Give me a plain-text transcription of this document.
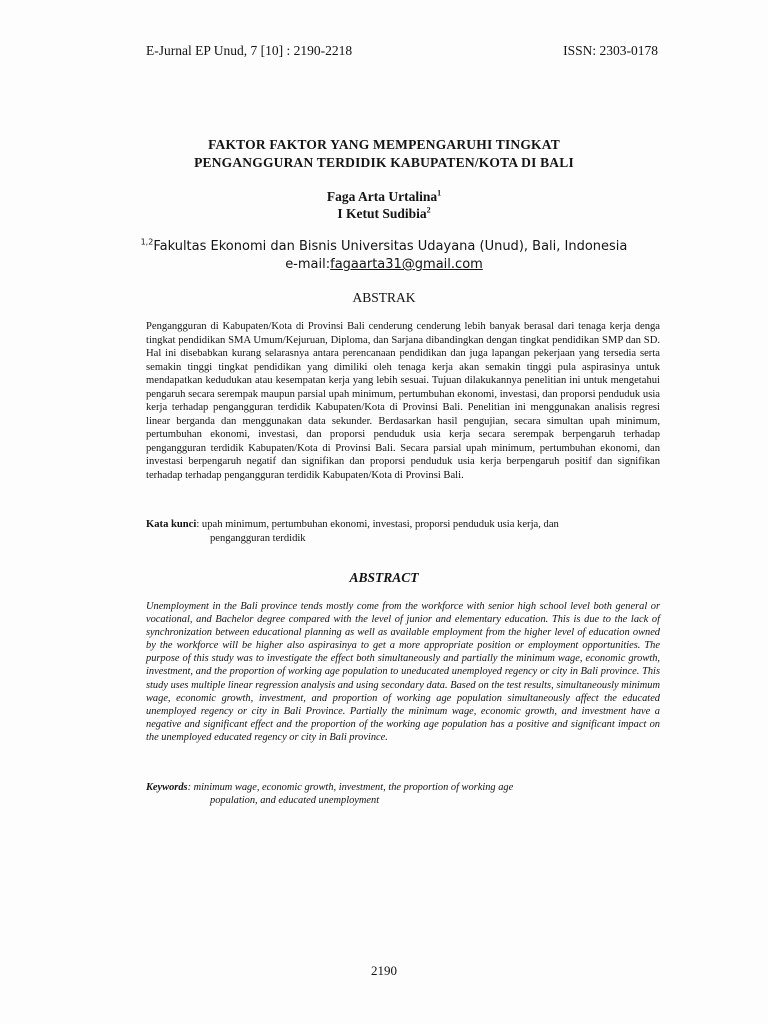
E-Jurnal EP Unud, 7 [10] : 2190-2218	ISSN: 2303-0178
FAKTOR FAKTOR YANG MEMPENGARUHI TINGKAT
PENGANGGURAN TERDIDIK KABUPATEN/KOTA DI BALI
Faga Arta Urtalina$^1$
I Ketut Sudibia$^2$
$^{1,2}$Fakultas Ekonomi dan Bisnis Universitas Udayana (Unud), Bali, Indonesia
e-mail:fagaarta31@gmail.com
ABSTRAK
Pengangguran di Kabupaten/Kota di Provinsi Bali cenderung cenderung lebih banyak berasal dari tenaga kerja denga tingkat pendidikan SMA Umum/Kejuruan, Diploma, dan Sarjana dibandingkan dengan tingkat pendidikan SMP dan SD. Hal ini disebabkan kurang selarasnya antara perencanaan pendidikan dan juga lapangan pekerjaan yang tersedia serta semakin tinggi tingkat pendidikan yang dimiliki oleh tenaga kerja akan semakin tinggi pula aspirasinya untuk mendapatkan kedudukan atau kesempatan kerja yang lebih sesuai. Tujuan dilakukannya penelitian ini untuk mengetahui pengaruh secara serempak maupun parsial upah minimum, pertumbuhan ekonomi, investasi, dan proporsi penduduk usia kerja terhadap pengangguran terdidik Kabupaten/Kota di Provinsi Bali. Penelitian ini menggunakan analisis regresi linear berganda dan menggunakan data sekunder. Berdasarkan hasil pengujian, secara simultan upah minimum, pertumbuhan ekonomi, investasi, dan proporsi penduduk usia kerja secara serempak berpengaruh terhadap pengangguran terdidik Kabupaten/Kota di Provinsi Bali. Secara parsial upah minimum, pertumbuhan ekonomi, dan investasi berpengaruh negatif dan signifikan dan proporsi penduduk usia kerja berpengaruh positif dan signifikan terhadap terhadap pengangguran terdidik Kabupaten/Kota di Provinsi Bali.
Kata kunci: upah minimum, pertumbuhan ekonomi, investasi, proporsi penduduk usia kerja, dan
pengangguran terdidik
ABSTRACT
Unemployment in the Bali province tends mostly come from the workforce with senior high school level both general or vocational, and Bachelor degree compared with the level of junior and elementary education. This is due to the lack of synchronization between educational planning as well as available employment from the higher level of education owned by the workforce will be higher also aspirasinya to get a more appropriate position or employment opportunities. The purpose of this study was to investigate the effect both simultaneously and partially the minimum wage, economic growth, investment, and the proportion of working age population to uneducated unemployed regency or city in Bali province. This study uses multiple linear regression analysis and using secondary data. Based on the test results, simultaneously minimum wage, economic growth, investment, and proportion of working age population simultaneously affect the educated unemployed regency or city in Bali Province. Partially the minimum wage, economic growth, and investment have a negative and significant effect and the proportion of the working age population has a positive and significant impact on the unemployed educated regency or city in Bali province.
Keywords: minimum wage, economic growth, investment, the proportion of working age
population, and educated unemployment
2190
